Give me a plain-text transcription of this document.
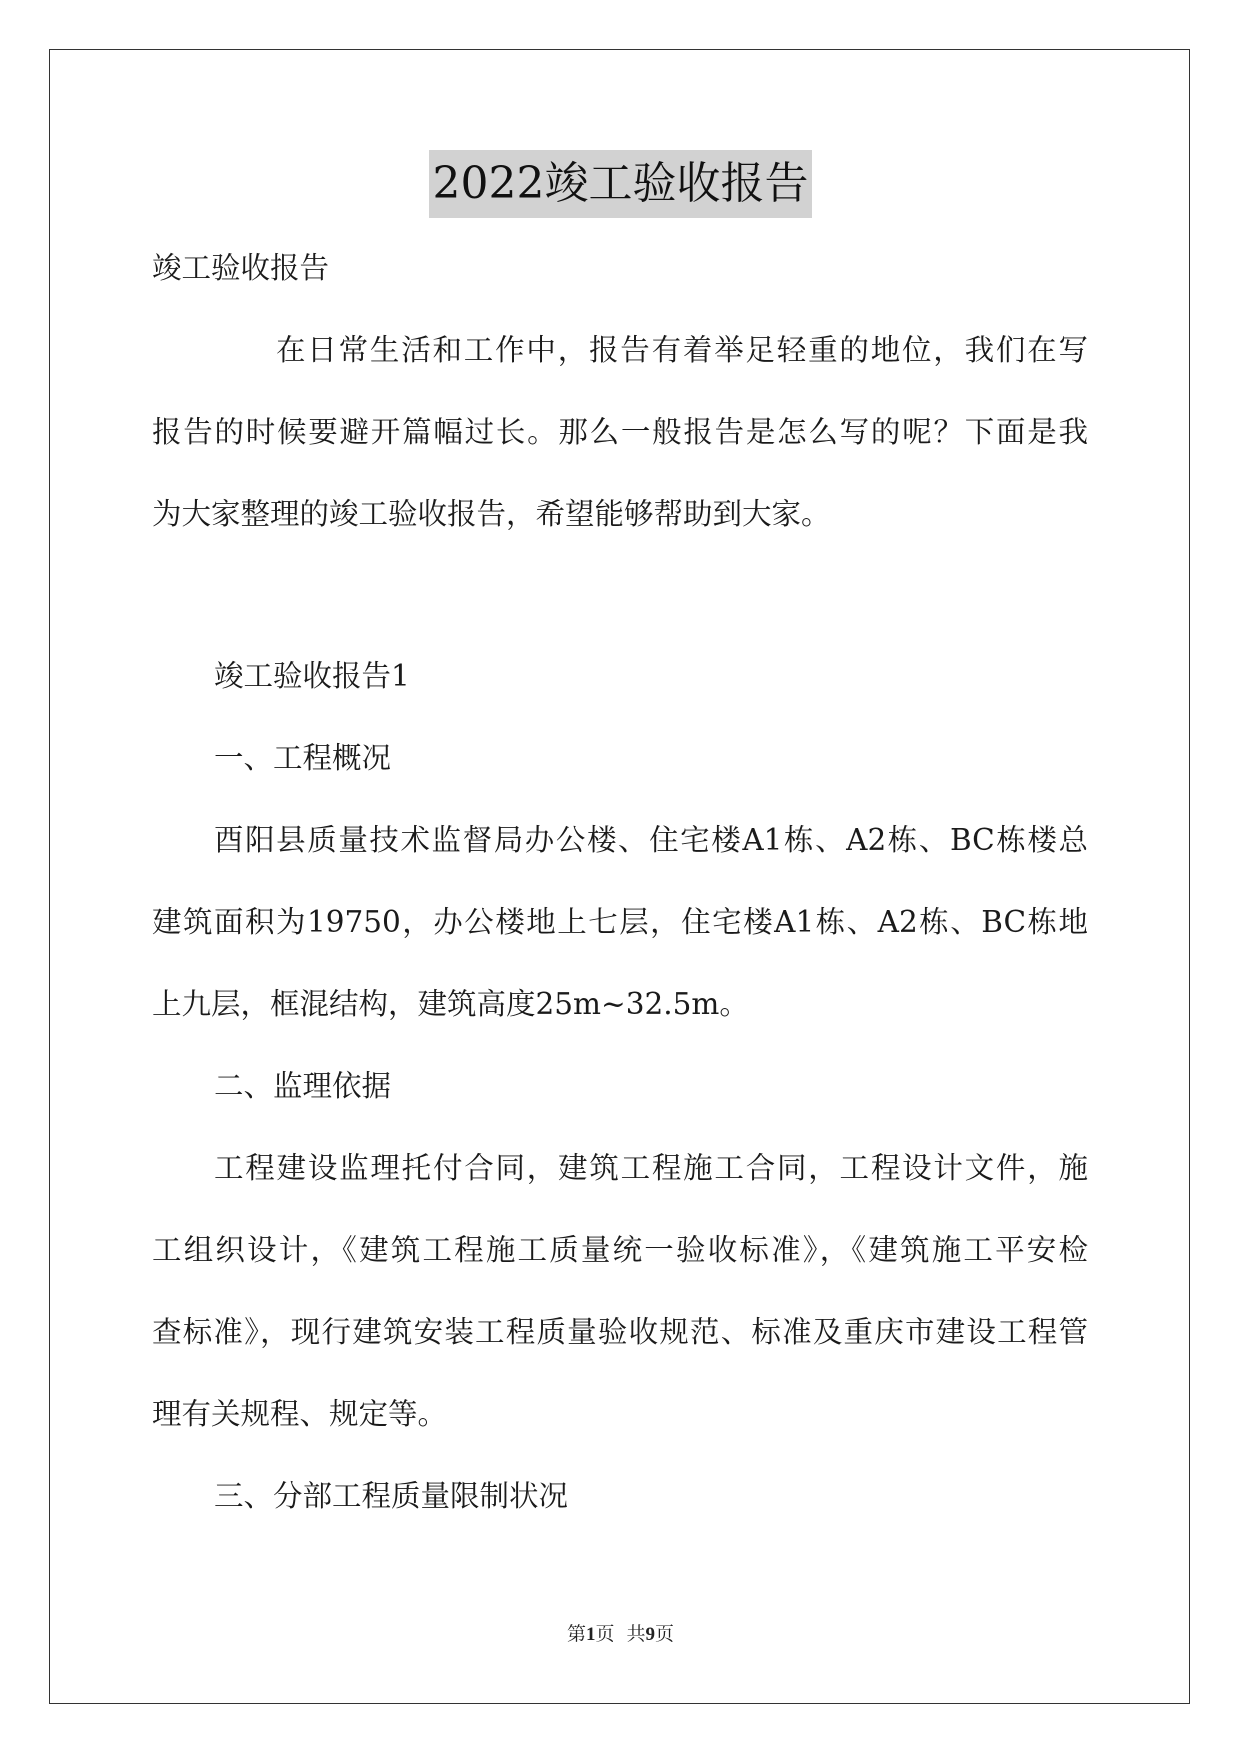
2022竣工验收报告
竣工验收报告
在日常生活和工作中，报告有着举足轻重的地位，我们在写
报告的时候要避开篇幅过长。那么一般报告是怎么写的呢？下面是我
为大家整理的竣工验收报告，希望能够帮助到大家。
竣工验收报告1
一、工程概况
酉阳县质量技术监督局办公楼、住宅楼A1栋、A2栋、BC栋楼总
建筑面积为19750，办公楼地上七层，住宅楼A1栋、A2栋、BC栋地
上九层，框混结构，建筑高度25m~32.5m。
二、监理依据
工程建设监理托付合同，建筑工程施工合同，工程设计文件，施
工组织设计，《建筑工程施工质量统一验收标准》，《建筑施工平安检
查标准》，现行建筑安装工程质量验收规范、标准及重庆市建设工程管
理有关规程、规定等。
三、分部工程质量限制状况
第1页  共9页
